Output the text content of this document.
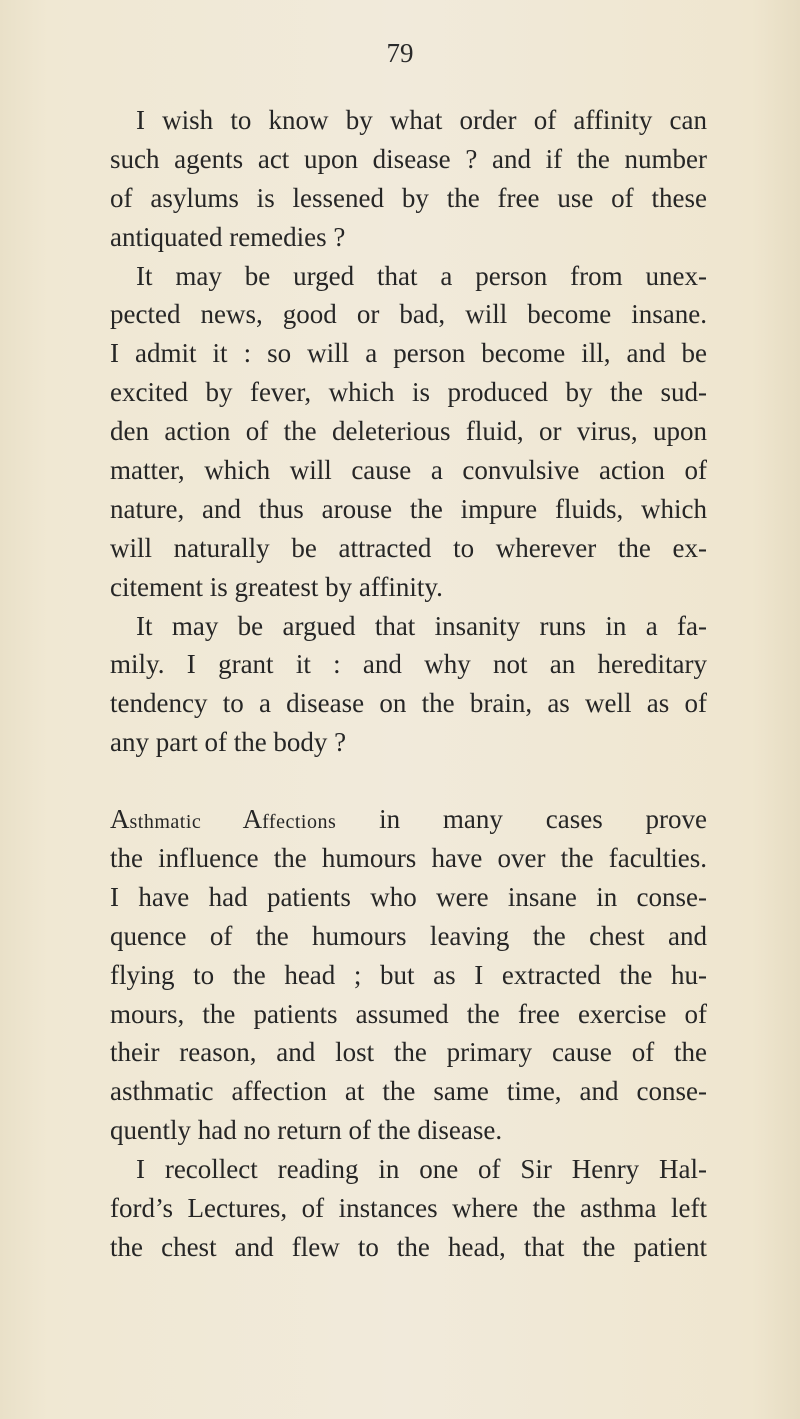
79
I wish to know by what order of affinity can
such agents act upon disease ? and if the number
of asylums is lessened by the free use of these
antiquated remedies ?
It may be urged that a person from unex-
pected news, good or bad, will become insane.
I admit it : so will a person become ill, and be
excited by fever, which is produced by the sud-
den action of the deleterious fluid, or virus, upon
matter, which will cause a convulsive action of
nature, and thus arouse the impure fluids, which
will naturally be attracted to wherever the ex-
citement is greatest by affinity.
It may be argued that insanity runs in a fa-
mily. I grant it : and why not an hereditary
tendency to a disease on the brain, as well as of
any part of the body ?
Asthmatic Affections in many cases prove
the influence the humours have over the faculties.
I have had patients who were insane in conse-
quence of the humours leaving the chest and
flying to the head ; but as I extracted the hu-
mours, the patients assumed the free exercise of
their reason, and lost the primary cause of the
asthmatic affection at the same time, and conse-
quently had no return of the disease.
I recollect reading in one of Sir Henry Hal-
ford’s Lectures, of instances where the asthma left
the chest and flew to the head, that the patient
